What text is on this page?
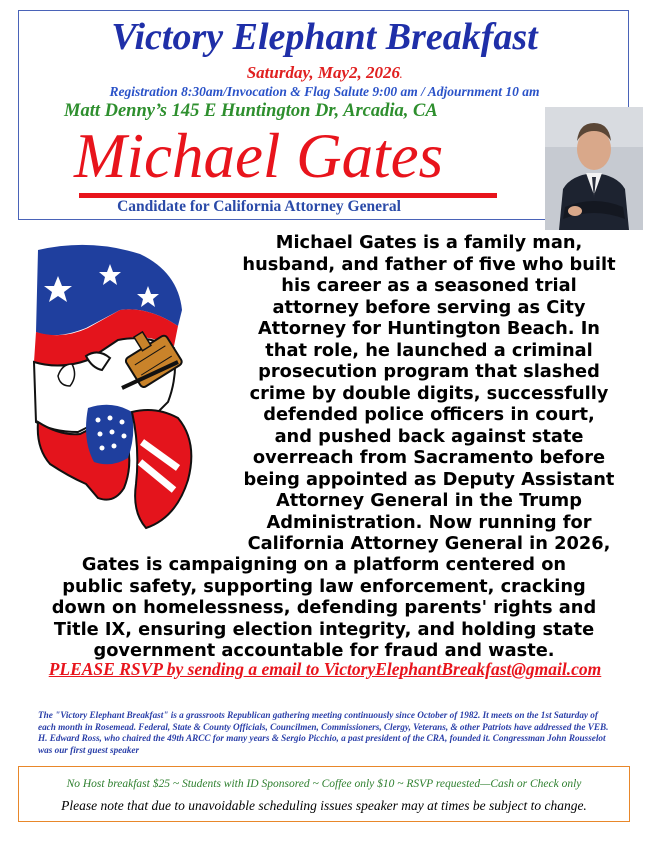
Victory Elephant Breakfast
Saturday, May2, 2026.
Registration 8:30am/Invocation & Flag Salute 9:00 am / Adjournment 10 am
Matt Denny’s 145 E Huntington Dr, Arcadia, CA
Michael Gates
Candidate for California Attorney General

Michael Gates is a family man,
husband, and father of five who built
his career as a seasoned trial
attorney before serving as City
Attorney for Huntington Beach. In
that role, he launched a criminal
prosecution program that slashed
crime by double digits, successfully
defended police officers in court,
and pushed back against state
overreach from Sacramento before
being appointed as Deputy Assistant
Attorney General in the Trump
Administration. Now running for
California Attorney General in 2026,

Gates is campaigning on a platform centered on
public safety, supporting law enforcement, cracking
down on homelessness, defending parents' rights and
Title IX, ensuring election integrity, and holding state
government accountable for fraud and waste.

PLEASE RSVP by sending a email to VictoryElephantBreakfast@gmail.com

The "Victory Elephant Breakfast" is a grassroots Republican gathering meeting continuously since October of 1982. It meets on the 1st Saturday of each month in Rosemead. Federal, State & County Officials, Councilmen, Commissioners, Clergy, Veterans, & other Patriots have addressed the VEB. H. Edward Ross, who chaired the 49th ARCC for many years & Sergio Picchio, a past president of the CRA, founded it. Congressman John Rousselot was our first guest speaker

No Host breakfast $25 ~ Students with ID Sponsored ~ Coffee only $10 ~ RSVP requested—Cash or Check only
Please note that due to unavoidable scheduling issues speaker may at times be subject to change.
